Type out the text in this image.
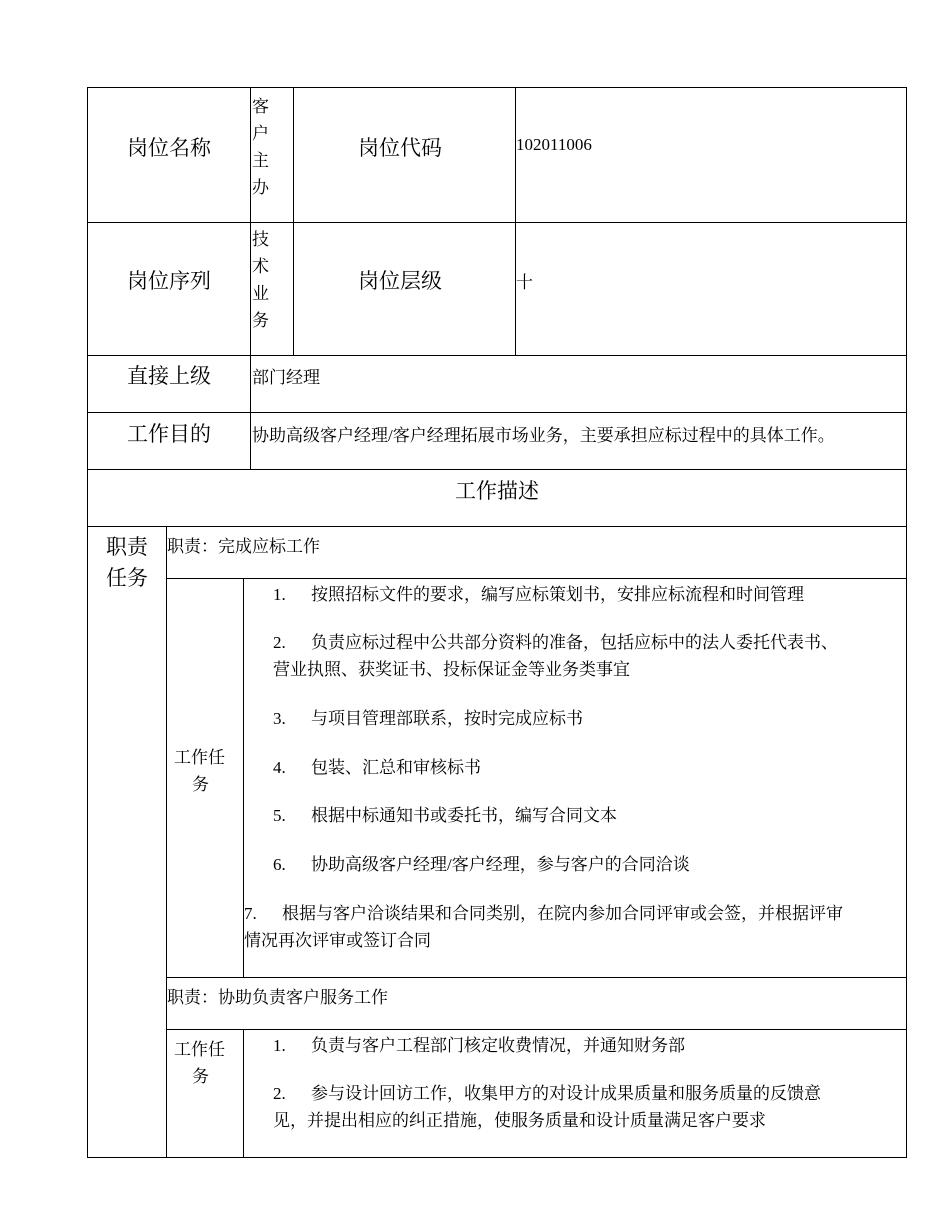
岗位名称
客户主办
岗位代码	102011006
岗位序列
技术业务
岗位层级	十
直接上级 部门经理
工作目的 协助高级客户经理/客户经理拓展市场业务，主要承担应标过程中的具体工作。
工作描述
职责
任务
职责：完成应标工作
工作任
务
1. 按照招标文件的要求，编写应标策划书，安排应标流程和时间管理
2. 负责应标过程中公共部分资料的准备，包括应标中的法人委托代表书、
营业执照、获奖证书、投标保证金等业务类事宜
3. 与项目管理部联系，按时完成应标书
4. 包装、汇总和审核标书
5. 根据中标通知书或委托书，编写合同文本
6. 协助高级客户经理/客户经理，参与客户的合同洽谈
7. 根据与客户洽谈结果和合同类别，在院内参加合同评审或会签，并根据评审
情况再次评审或签订合同
职责：协助负责客户服务工作
工作任
务
1. 负责与客户工程部门核定收费情况，并通知财务部
2. 参与设计回访工作，收集甲方的对设计成果质量和服务质量的反馈意
见，并提出相应的纠正措施，使服务质量和设计质量满足客户要求
